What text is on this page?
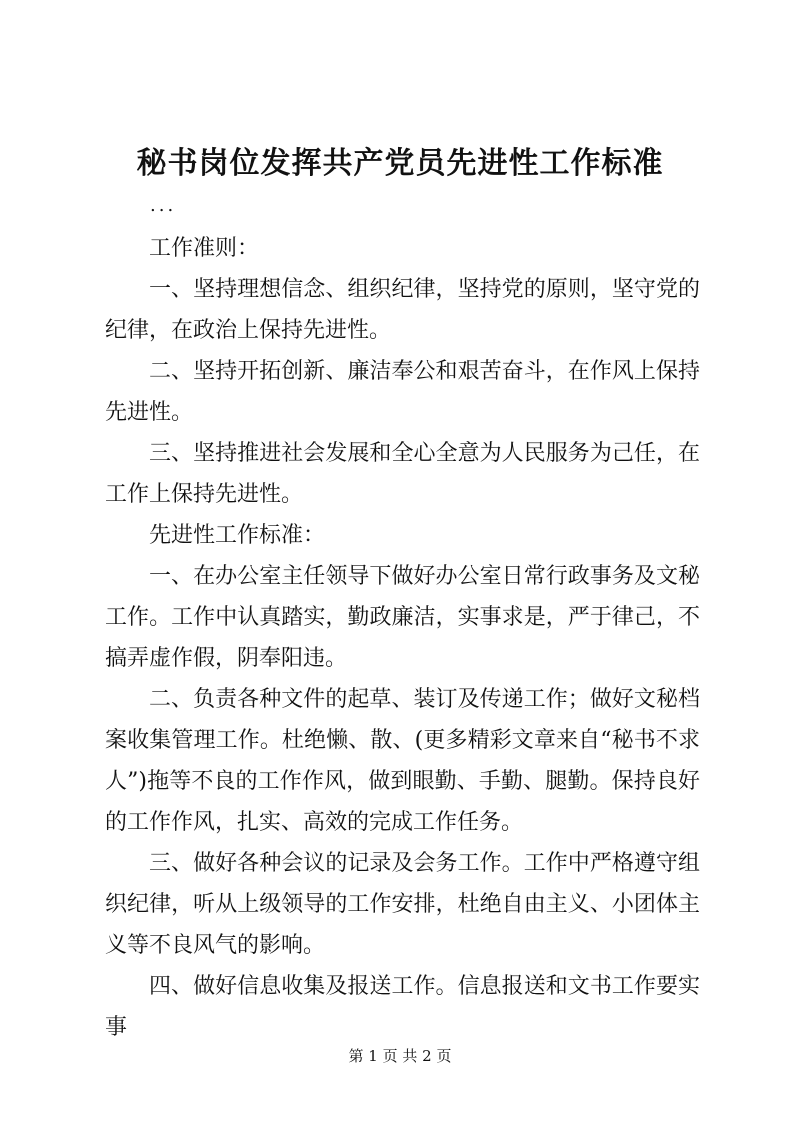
秘书岗位发挥共产党员先进性工作标准
...

工作准则：

一、坚持理想信念、组织纪律，坚持党的原则，坚守党的纪律，在政治上保持先进性。

二、坚持开拓创新、廉洁奉公和艰苦奋斗，在作风上保持先进性。

三、坚持推进社会发展和全心全意为人民服务为己任，在工作上保持先进性。

先进性工作标准：

一、在办公室主任领导下做好办公室日常行政事务及文秘工作。工作中认真踏实，勤政廉洁，实事求是，严于律己，不搞弄虚作假，阴奉阳违。

二、负责各种文件的起草、装订及传递工作；做好文秘档案收集管理工作。杜绝懒、散、(更多精彩文章来自“秘书不求人”)拖等不良的工作作风，做到眼勤、手勤、腿勤。保持良好的工作作风，扎实、高效的完成工作任务。

三、做好各种会议的记录及会务工作。工作中严格遵守组织纪律，听从上级领导的工作安排，杜绝自由主义、小团体主义等不良风气的影响。

四、做好信息收集及报送工作。信息报送和文书工作要实事

第 1 页 共 2 页
